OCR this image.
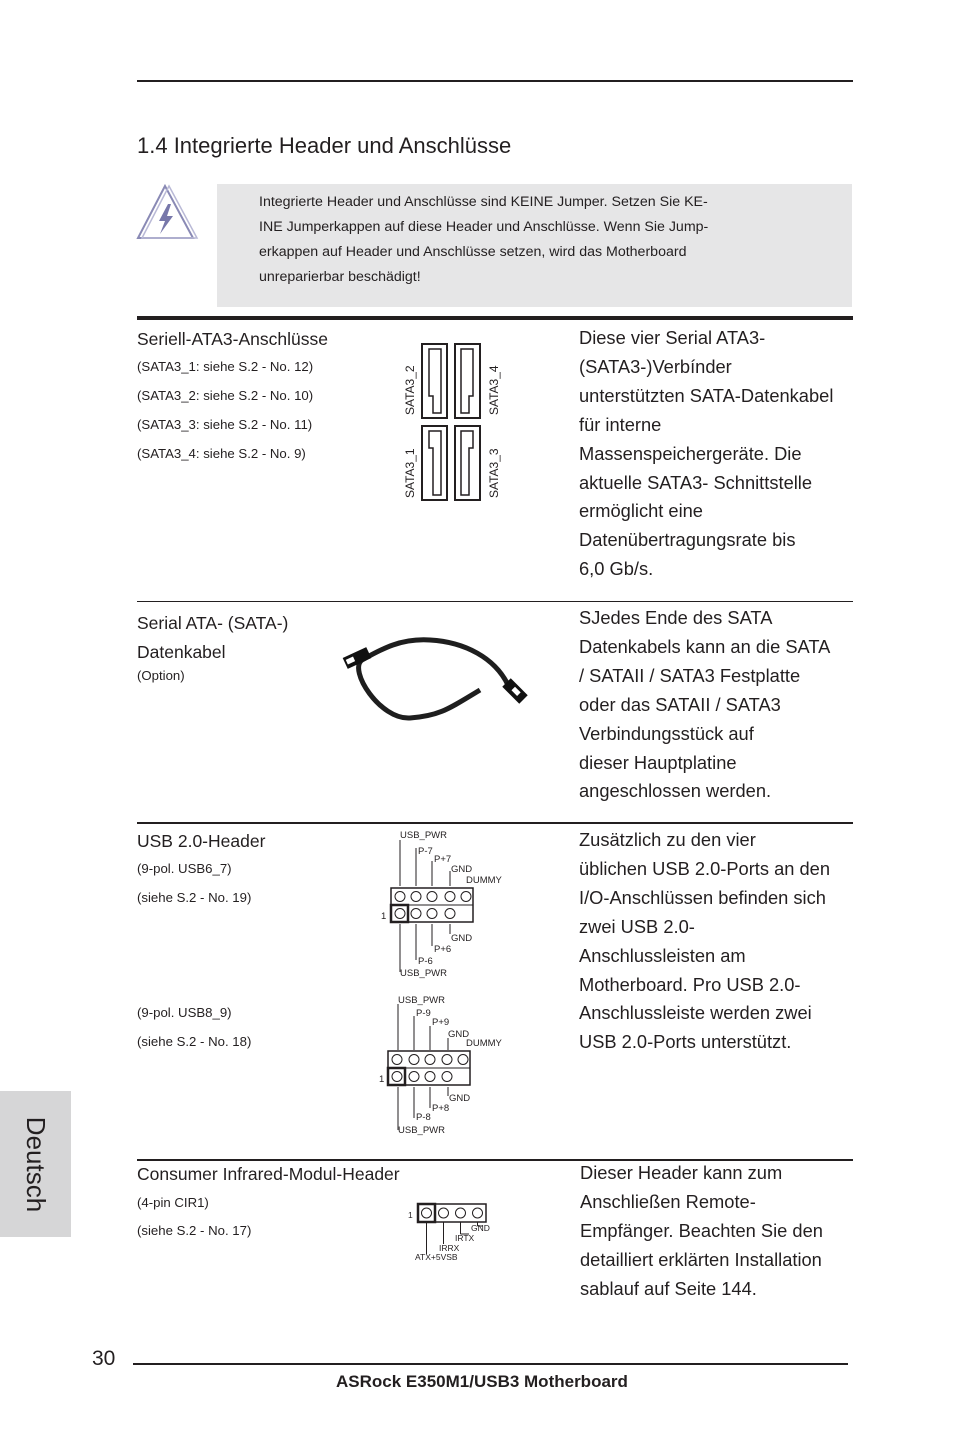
1.4 Integrierte Header und Anschlüsse
Integrierte Header und Anschlüsse sind KEINE Jumper. Setzen Sie KE-
INE Jumperkappen auf diese Header und Anschlüsse. Wenn Sie Jump-
erkappen auf Header und Anschlüsse setzen, wird das Motherboard
unreparierbar beschädigt!
Seriell-ATA3-Anschlüsse
(SATA3_1: siehe S.2 - No. 12)
(SATA3_2: siehe S.2 - No. 10)
(SATA3_3: siehe S.2 - No. 11)
(SATA3_4: siehe S.2 - No. 9)
SATA3_2	SATA3_4
SATA3_1	SATA3_3
Diese vier Serial ATA3-
(SATA3-)Verbínder
unterstützten SATA-Datenkabel
für interne
Massenspeichergeräte. Die
aktuelle SATA3- Schnittstelle
ermöglicht eine
Datenübertragungsrate bis
6,0 Gb/s.
Serial ATA- (SATA-)
Datenkabel
(Option)
SJedes Ende des SATA
Datenkabels kann an die SATA
/ SATAII / SATA3 Festplatte
oder das SATAII / SATA3
Verbindungsstück auf
dieser Hauptplatine
angeschlossen werden.
USB 2.0-Header
(9-pol. USB6_7)
(siehe S.2 - No. 19)
(9-pol. USB8_9)
(siehe S.2 - No. 18)
USB_PWR
P-7
P+7
GND
DUMMY
1
GND
P+6
P-6
USB_PWR
USB_PWR
P-9
P+9
GND
DUMMY
1
GND
P+8
P-8
USB_PWR
Zusätzlich zu den vier
üblichen USB 2.0-Ports an den
I/O-Anschlüssen befinden sich
zwei USB 2.0-
Anschlussleisten am
Motherboard. Pro USB 2.0-
Anschlussleiste werden zwei
USB 2.0-Ports unterstützt.
Consumer Infrared-Modul-Header
(4-pin CIR1)
(siehe S.2 - No. 17)
1
GND
IRTX
IRRX
ATX+5VSB
Dieser Header kann zum
Anschließen Remote-
Empfänger. Beachten Sie den
detailliert erklärten Installation
sablauf auf Seite 144.
Deutsch
30
ASRock E350M1/USB3 Motherboard
